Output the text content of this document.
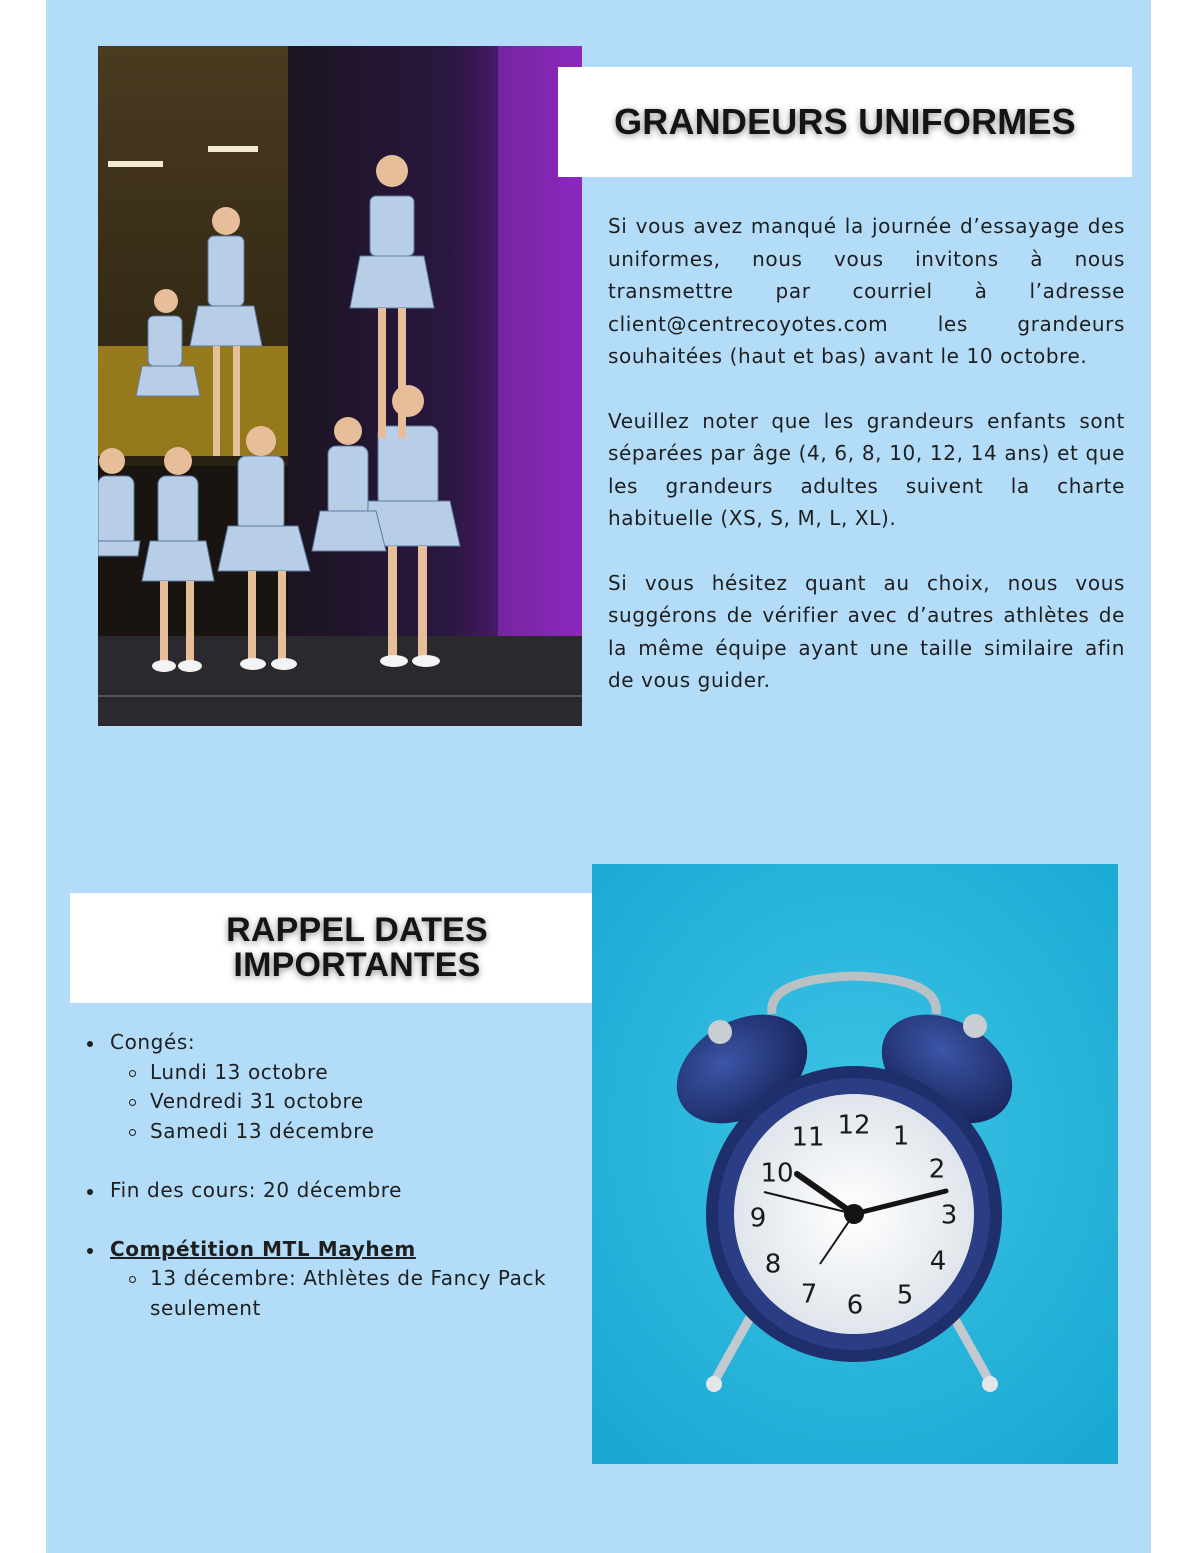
GRANDEURS UNIFORMES

Si vous avez manqué la journée d’essayage des uniformes, nous vous invitons à nous transmettre par courriel à l’adresse client@centrecoyotes.com les grandeurs souhaitées (haut et bas) avant le 10 octobre.

Veuillez noter que les grandeurs enfants sont séparées par âge (4, 6, 8, 10, 12, 14 ans) et que les grandeurs adultes suivent la charte habituelle (XS, S, M, L, XL).

Si vous hésitez quant au choix, nous vous suggérons de vérifier avec d’autres athlètes de la même équipe ayant une taille similaire afin de vous guider.

RAPPEL DATES
IMPORTANTES
Congés:
Lundi 13 octobre
Vendredi 31 octobre
Samedi 13 décembre
Fin des cours: 20 décembre
Compétition MTL Mayhem
13 décembre: Athlètes de Fancy Pack seulement
12 1
2
3
4
5
6
7
8
9
10
11
